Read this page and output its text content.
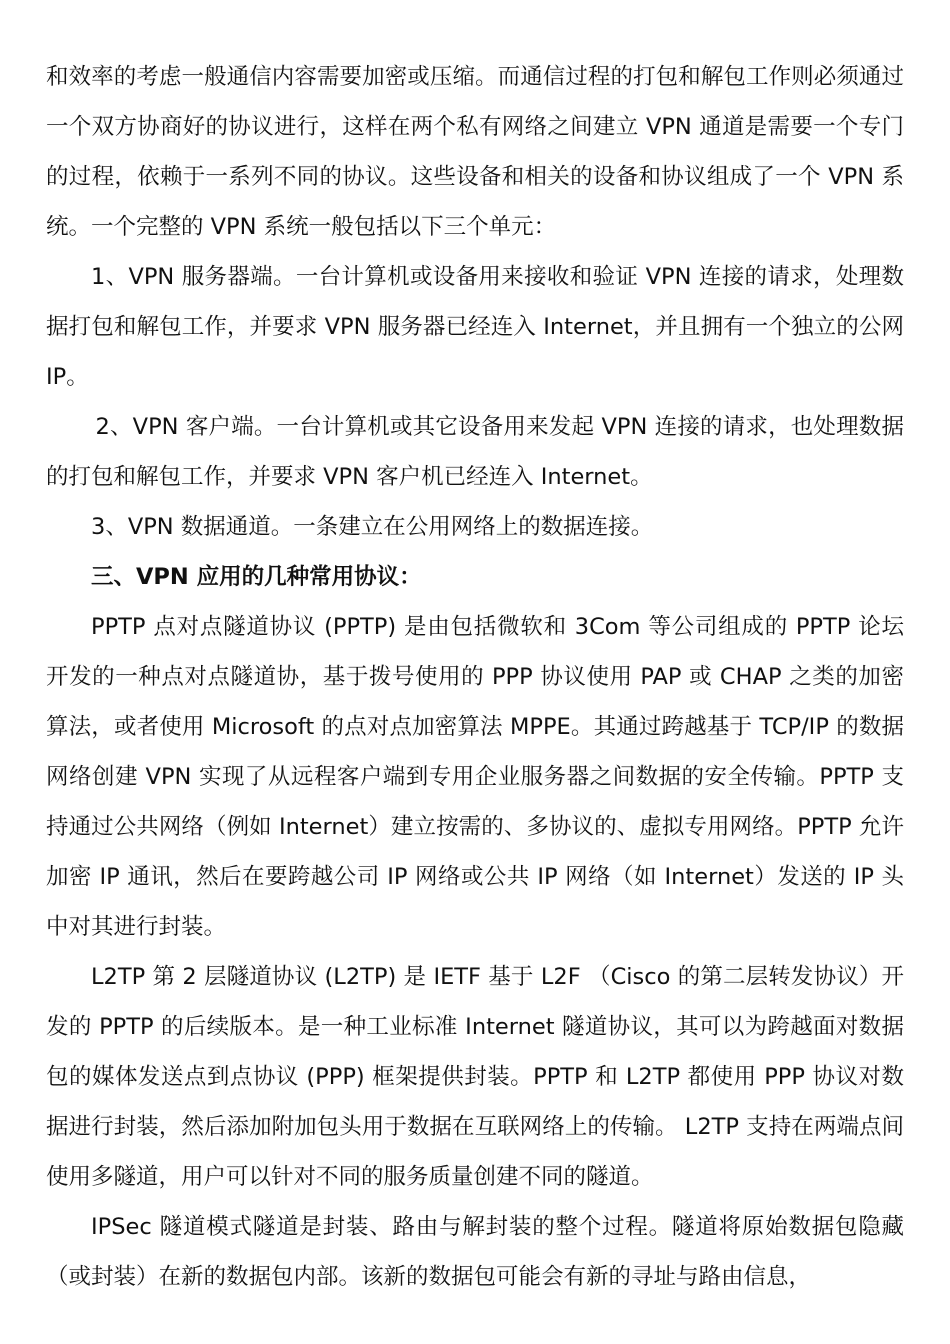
和效率的考虑一般通信内容需要加密或压缩。而通信过程的打包和解包工作则必须通过一个双方协商好的协议进行，这样在两个私有网络之间建立 VPN 通道是需要一个专门的过程，依赖于一系列不同的协议。这些设备和相关的设备和协议组成了一个 VPN 系统。一个完整的 VPN 系统一般包括以下三个单元：

1、VPN 服务器端。一台计算机或设备用来接收和验证 VPN 连接的请求，处理数据打包和解包工作，并要求 VPN 服务器已经连入 Internet，并且拥有一个独立的公网 IP。

2、VPN 客户端。一台计算机或其它设备用来发起 VPN 连接的请求，也处理数据的打包和解包工作，并要求 VPN 客户机已经连入 Internet。

3、VPN 数据通道。一条建立在公用网络上的数据连接。

三、VPN 应用的几种常用协议：

PPTP 点对点隧道协议 (PPTP) 是由包括微软和 3Com 等公司组成的 PPTP 论坛开发的一种点对点隧道协，基于拨号使用的 PPP 协议使用 PAP 或 CHAP 之类的加密算法，或者使用 Microsoft 的点对点加密算法 MPPE。其通过跨越基于 TCP/IP 的数据网络创建 VPN 实现了从远程客户端到专用企业服务器之间数据的安全传输。PPTP 支持通过公共网络（例如 Internet）建立按需的、多协议的、虚拟专用网络。PPTP 允许加密 IP 通讯，然后在要跨越公司 IP 网络或公共 IP 网络（如 Internet）发送的 IP 头中对其进行封装。

L2TP 第 2 层隧道协议 (L2TP) 是 IETF 基于 L2F （Cisco 的第二层转发协议）开发的 PPTP 的后续版本。是一种工业标准 Internet 隧道协议，其可以为跨越面对数据包的媒体发送点到点协议 (PPP) 框架提供封装。PPTP 和 L2TP 都使用 PPP 协议对数据进行封装，然后添加附加包头用于数据在互联网络上的传输。 L2TP 支持在两端点间使用多隧道，用户可以针对不同的服务质量创建不同的隧道。

IPSec 隧道模式隧道是封装、路由与解封装的整个过程。隧道将原始数据包隐藏（或封装）在新的数据包内部。该新的数据包可能会有新的寻址与路由信息，
